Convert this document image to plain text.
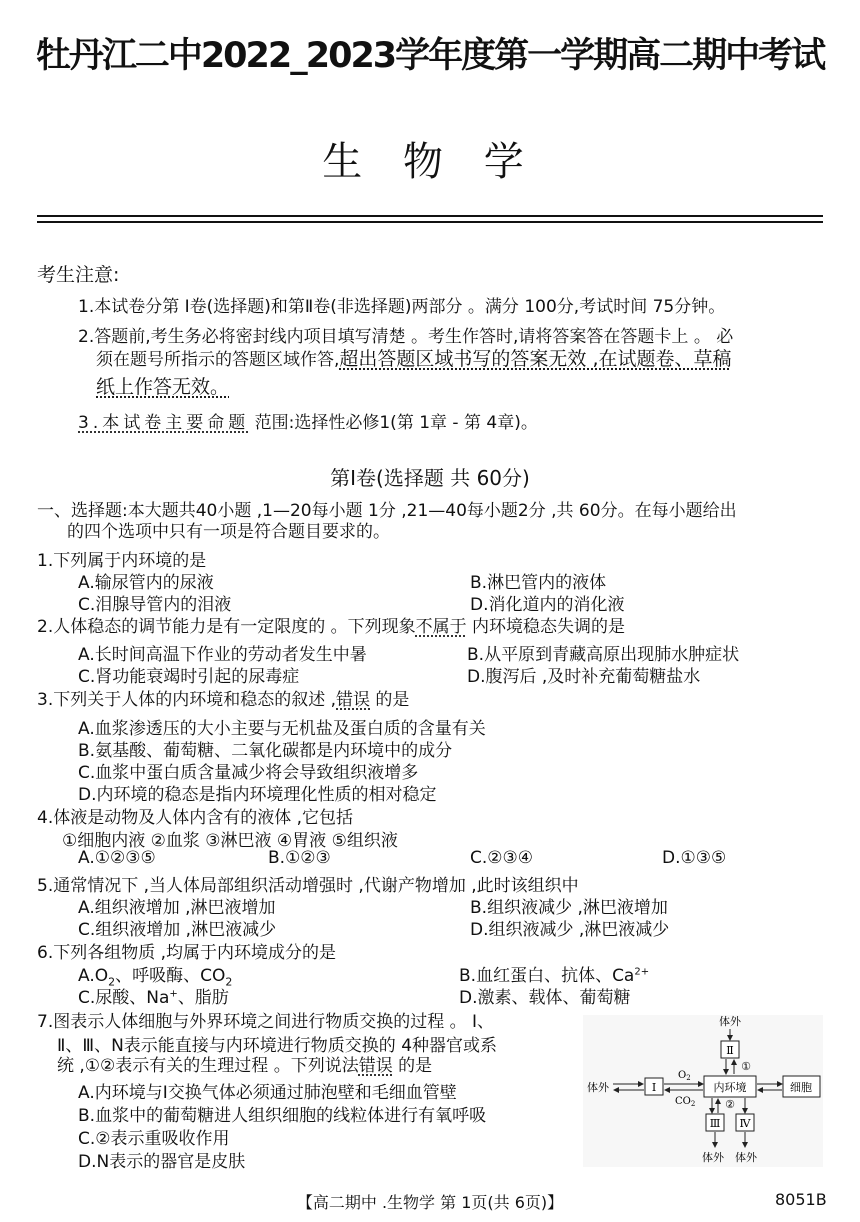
牡丹江二中2022_2023学年度第一学期高二期中考试
生 物 学
考生注意:
1.本试卷分第 Ⅰ卷(选择题)和第Ⅱ卷(非选择题)两部分 。满分 100分,考试时间 75分钟。
2.答题前,考生务必将密封线内项目填写清楚 。考生作答时,请将答案答在答题卡上 。 必
须在题号所指示的答题区域作答,超出答题区域书写的答案无效 ,在试题卷、草稿
纸上作答无效。
3.本试卷主要命题 范围:选择性必修1(第 1章 - 第 4章)。
第Ⅰ卷(选择题 共 60分)
一、选择题:本大题共40小题 ,1—20每小题 1分 ,21—40每小题2分 ,共 60分。在每小题给出
的四个选项中只有一项是符合题目要求的。
1.下列属于内环境的是
A.输尿管内的尿液	B.淋巴管内的液体
C.泪腺导管内的泪液	D.消化道内的消化液
2.人体稳态的调节能力是有一定限度的 。下列现象不属于 内环境稳态失调的是
A.长时间高温下作业的劳动者发生中暑	B.从平原到青藏高原出现肺水肿症状
C.肾功能衰竭时引起的尿毒症	D.腹泻后 ,及时补充葡萄糖盐水
3.下列关于人体的内环境和稳态的叙述 ,错误 的是
A.血浆渗透压的大小主要与无机盐及蛋白质的含量有关
B.氨基酸、葡萄糖、二氧化碳都是内环境中的成分
C.血浆中蛋白质含量减少将会导致组织液增多
D.内环境的稳态是指内环境理化性质的相对稳定
4.体液是动物及人体内含有的液体 ,它包括
①细胞内液 ②血浆 ③淋巴液 ④胃液 ⑤组织液
A.①②③⑤	B.①②③	C.②③④	D.①③⑤
5.通常情况下 ,当人体局部组织活动增强时 ,代谢产物增加 ,此时该组织中
A.组织液增加 ,淋巴液增加	B.组织液减少 ,淋巴液增加
C.组织液增加 ,淋巴液减少	D.组织液减少 ,淋巴液减少
6.下列各组物质 ,均属于内环境成分的是
$A.O_2$、呼吸酶、$CO_2$	B.血红蛋白、抗体、$Ca^{2+}$
C.尿酸、Na+、脂肪	D.激素、载体、葡萄糖
7.图表示人体细胞与外界环境之间进行物质交换的过程 。 Ⅰ、
Ⅱ、Ⅲ、N表示能直接与内环境进行物质交换的 4种器官或系
统 ,①②表示有关的生理过程 。下列说法错误 的是
A.内环境与Ⅰ交换气体必须通过肺泡壁和毛细血管壁
B.血浆中的葡萄糖进人组织细胞的线粒体进行有氧呼吸
C.②表示重吸收作用
D.N表示的器官是皮肤
体外
Ⅱ
①
体外	Ⅰ
$O_2$
$CO_2$
内环境	细胞
②
Ⅲ Ⅳ
体外 体外
【高二期中 .生物学 第 1页(共 6页)】	8051B
